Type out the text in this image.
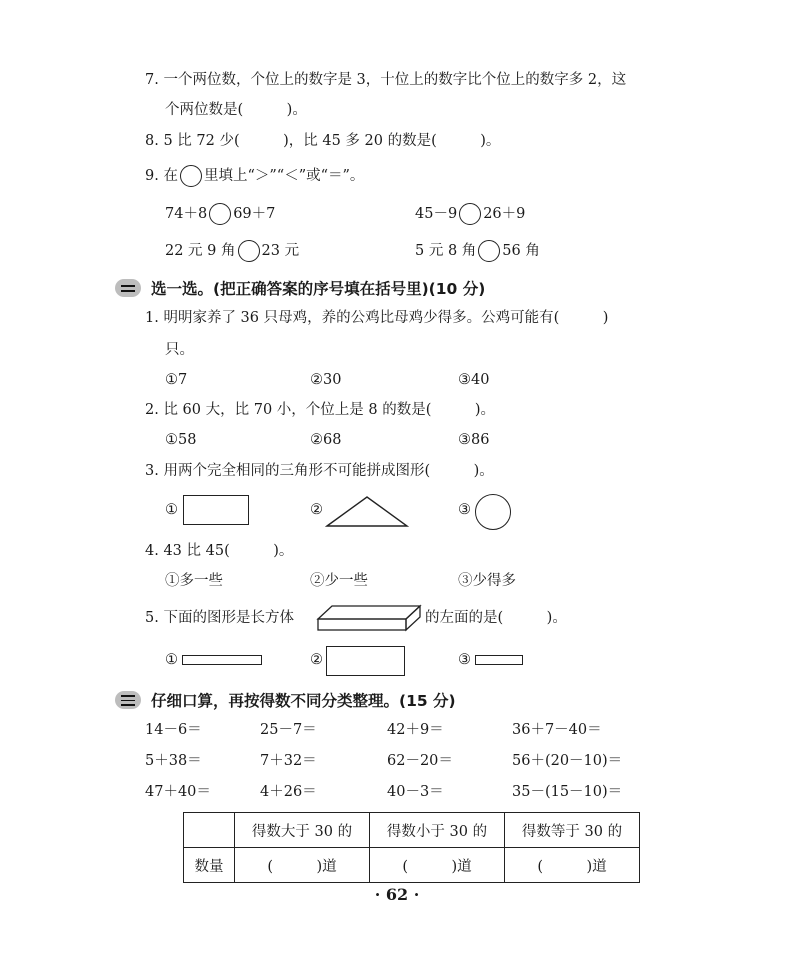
7. 一个两位数，个位上的数字是 3，十位上的数字比个位上的数字多 2，这
个两位数是(　　　)。
8. 5 比 72 少(　　　)，比 45 多 20 的数是(　　　)。
9. 在 里填上“＞”“＜”或“＝”。
74＋8 69＋7	45－9 26＋9
22 元 9 角 23 元	5 元 8 角 56 角
选一选。(把正确答案的序号填在括号里)(10 分)
1. 明明家养了 36 只母鸡，养的公鸡比母鸡少得多。公鸡可能有(　　　)
只。
①7	②30	③40
2. 比 60 大，比 70 小，个位上是 8 的数是(　　　)。
①58	②68	③86
3. 用两个完全相同的三角形不可能拼成图形(　　　)。
①	②	③
4. 43 比 45(　　　)。
①多一些	②少一些	③少得多
5. 下面的图形是长方体	的左面的是(　　　)。
①	②	③
仔细口算，再按得数不同分类整理。(15 分)
14－6＝	25－7＝	42＋9＝	36＋7－40＝
5＋38＝	7＋32＝	62－20＝	56＋(20－10)＝
47＋40＝	4＋26＝	40－3＝	35－(15－10)＝
	得数大于 30 的	得数小于 30 的	得数等于 30 的
数量	(　　　)道	(　　　)道	(　　　)道
· 62 ·
